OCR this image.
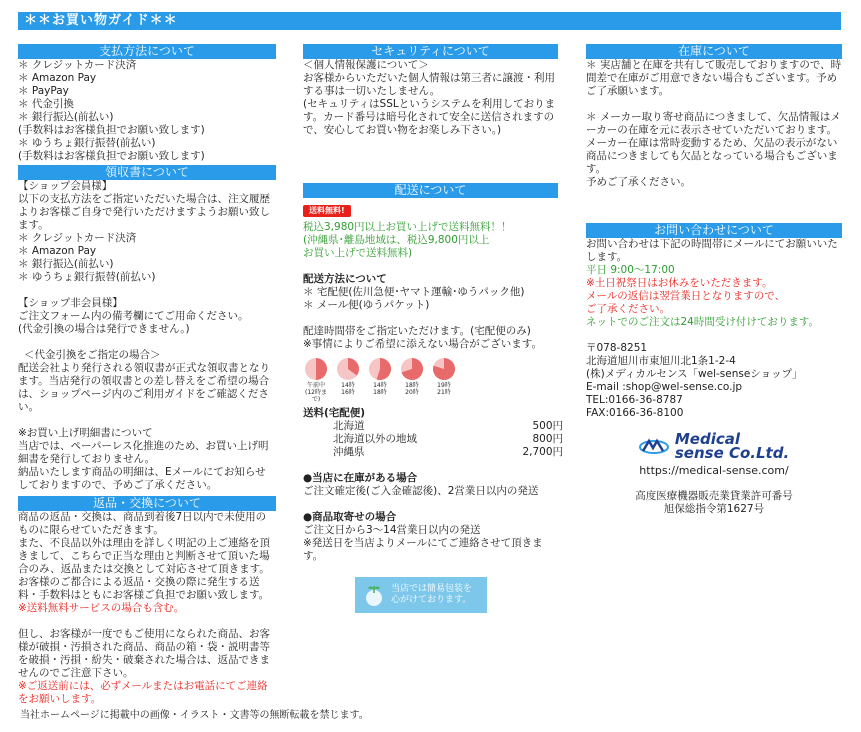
＊＊お買い物ガイド＊＊
支払方法について

＊ クレジットカード決済

＊ Amazon Pay

＊ PayPay

＊ 代金引換

＊ 銀行振込(前払い)

(手数料はお客様負担でお願い致します)

＊ ゆうちょ銀行振替(前払い)

(手数料はお客様負担でお願い致します)

領収書について

【ショップ会員様】

以下の支払方法をご指定いただいた場合は、注文履歴よりお客様ご自身で発行いただけますようお願い致します。

＊ クレジットカード決済

＊ Amazon Pay

＊ 銀行振込(前払い)

＊ ゆうちょ銀行振替(前払い)

【ショップ非会員様】

ご注文フォーム内の備考欄にてご用命ください。
(代金引換の場合は発行できません。)

＜代金引換をご指定の場合＞

配送会社より発行される領収書が正式な領収書となります。当店発行の領収書との差し替えをご希望の場合は、ショップページ内のご利用ガイドをご確認ください。

※お買い上げ明細書について
当店では、ペーパーレス化推進のため、お買い上げ明細書を発行しておりません。
納品いたします商品の明細は、Eメールにてお知らせしておりますので、予めご了承ください。

返品・交換について

商品の返品・交換は、商品到着後7日以内で未使用のものに限らせていただきます。
また、不良品以外は理由を詳しく明記の上ご連絡を頂きまして、こちらで正当な理由と判断させて頂いた場合のみ、返品または交換として対応させて頂きます。
お客様のご都合による返品・交換の際に発生する送料・手数料はともにお客様ご負担でお願い致します。

※送料無料サービスの場合も含む。

但し、お客様が一度でもご使用になられた商品、お客様が破損・汚損された商品、商品の箱・袋・説明書等を破損・汚損・紛失・破棄された場合は、返品できませんのでご注意下さい。

※ご返送前には、必ずメールまたはお電話にてご連絡をお願いします。

セキュリティについて

＜個人情報保護について＞

お客様からいただいた個人情報は第三者に譲渡・利用する事は一切いたしません。
(セキュリティはSSLというシステムを利用しております。カード番号は暗号化されて安全に送信されますので、安心してお買い物をお楽しみ下さい。)

配送について
送料無料!

税込3,980円以上お買い上げで送料無料！！

(沖縄県･離島地域は、税込9,800円以上
お買い上げで送料無料)

配送方法について

＊ 宅配便(佐川急便･ヤマト運輸･ゆうパック他)

＊ メール便(ゆうパケット)

配達時間帯をご指定いただけます。(宅配便のみ)
※事情によりご希望に添えない場合がございます。

午前中
(12時まで)
14時
16時
14時
18時
18時
20時
19時
21時

送料(宅配便)

北海道	500円
北海道以外の地域	800円
沖縄県	2,700円

●当店に在庫がある場合

ご注文確定後(ご入金確認後)、2営業日以内の発送

●商品取寄せの場合

ご注文日から3～14営業日以内の発送
※発送日を当店よりメールにてご連絡させて頂きます。

当店では簡易包装を
心がけております。
在庫について

＊ 実店舗と在庫を共有して販売しておりますので、時間差で在庫がご用意できない場合もございます。予めご了承願います。

＊ メーカー取り寄せ商品につきまして、欠品情報はメーカーの在庫を元に表示させていただいております。
メーカー在庫は常時変動するため、欠品の表示がない商品につきましても欠品となっている場合もございます。
予めご了承ください。

お問い合わせについて

お問い合わせは下記の時間帯にメールにてお願いいたします。

平日 9:00～17:00

※土日祝祭日はお休みをいただきます。
メールの返信は翌営業日となりますので、
ご了承ください。

ネットでのご注文は24時間受け付けております。

〒078-8251

北海道旭川市東旭川北1条1-2-4

(株)メディカルセンス「wel-senseショップ」

E-mail :shop@wel-sense.co.jp

TEL:0166-36-8787

FAX:0166-36-8100

Medical
sense Co.Ltd.

https://medical-sense.com/

高度医療機器販売業貸業許可番号
旭保総指令第1627号

当社ホームページに掲載中の画像・イラスト・文書等の無断転載を禁じます。
